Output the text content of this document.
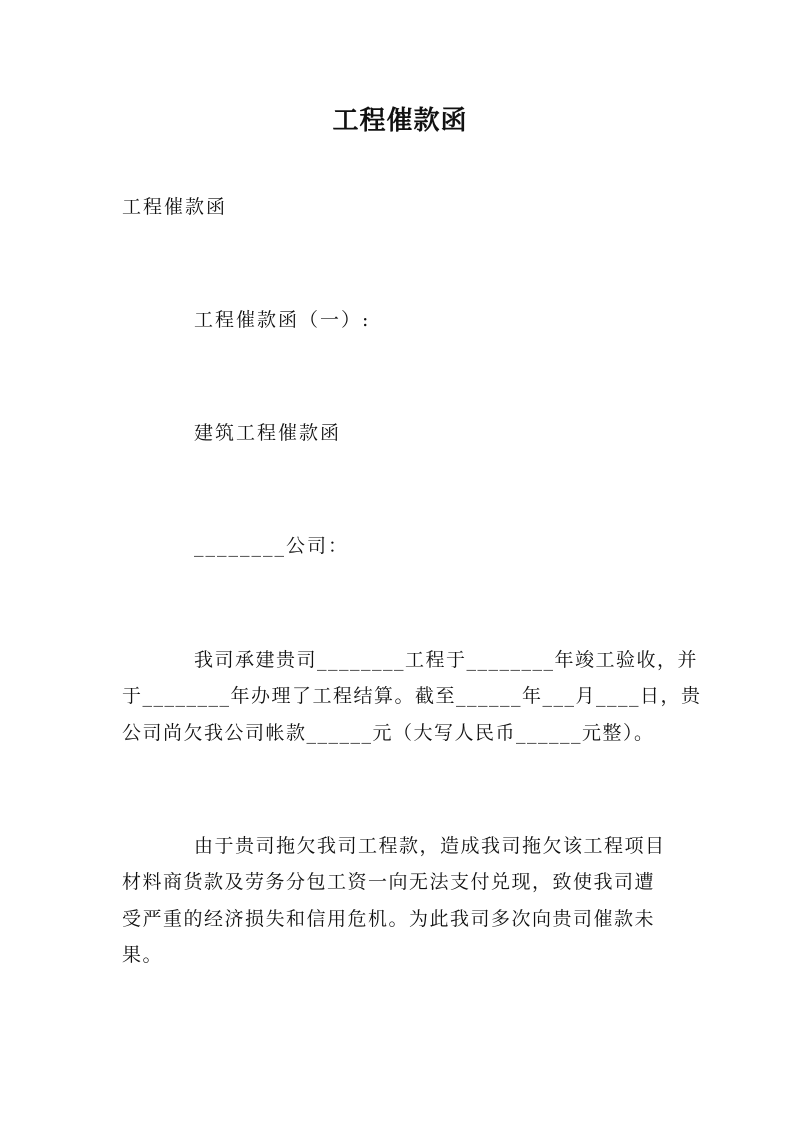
工程催款函

工程催款函

工程催款函（一）:

建筑工程催款函

________公司：

我司承建贵司________工程于________年竣工验收，并

于________年办理了工程结算。截至______年___月____日，贵

公司尚欠我公司帐款______元（大写人民币______元整）。

由于贵司拖欠我司工程款，造成我司拖欠该工程项目

材料商货款及劳务分包工资一向无法支付兑现，致使我司遭

受严重的经济损失和信用危机。为此我司多次向贵司催款未

果。
